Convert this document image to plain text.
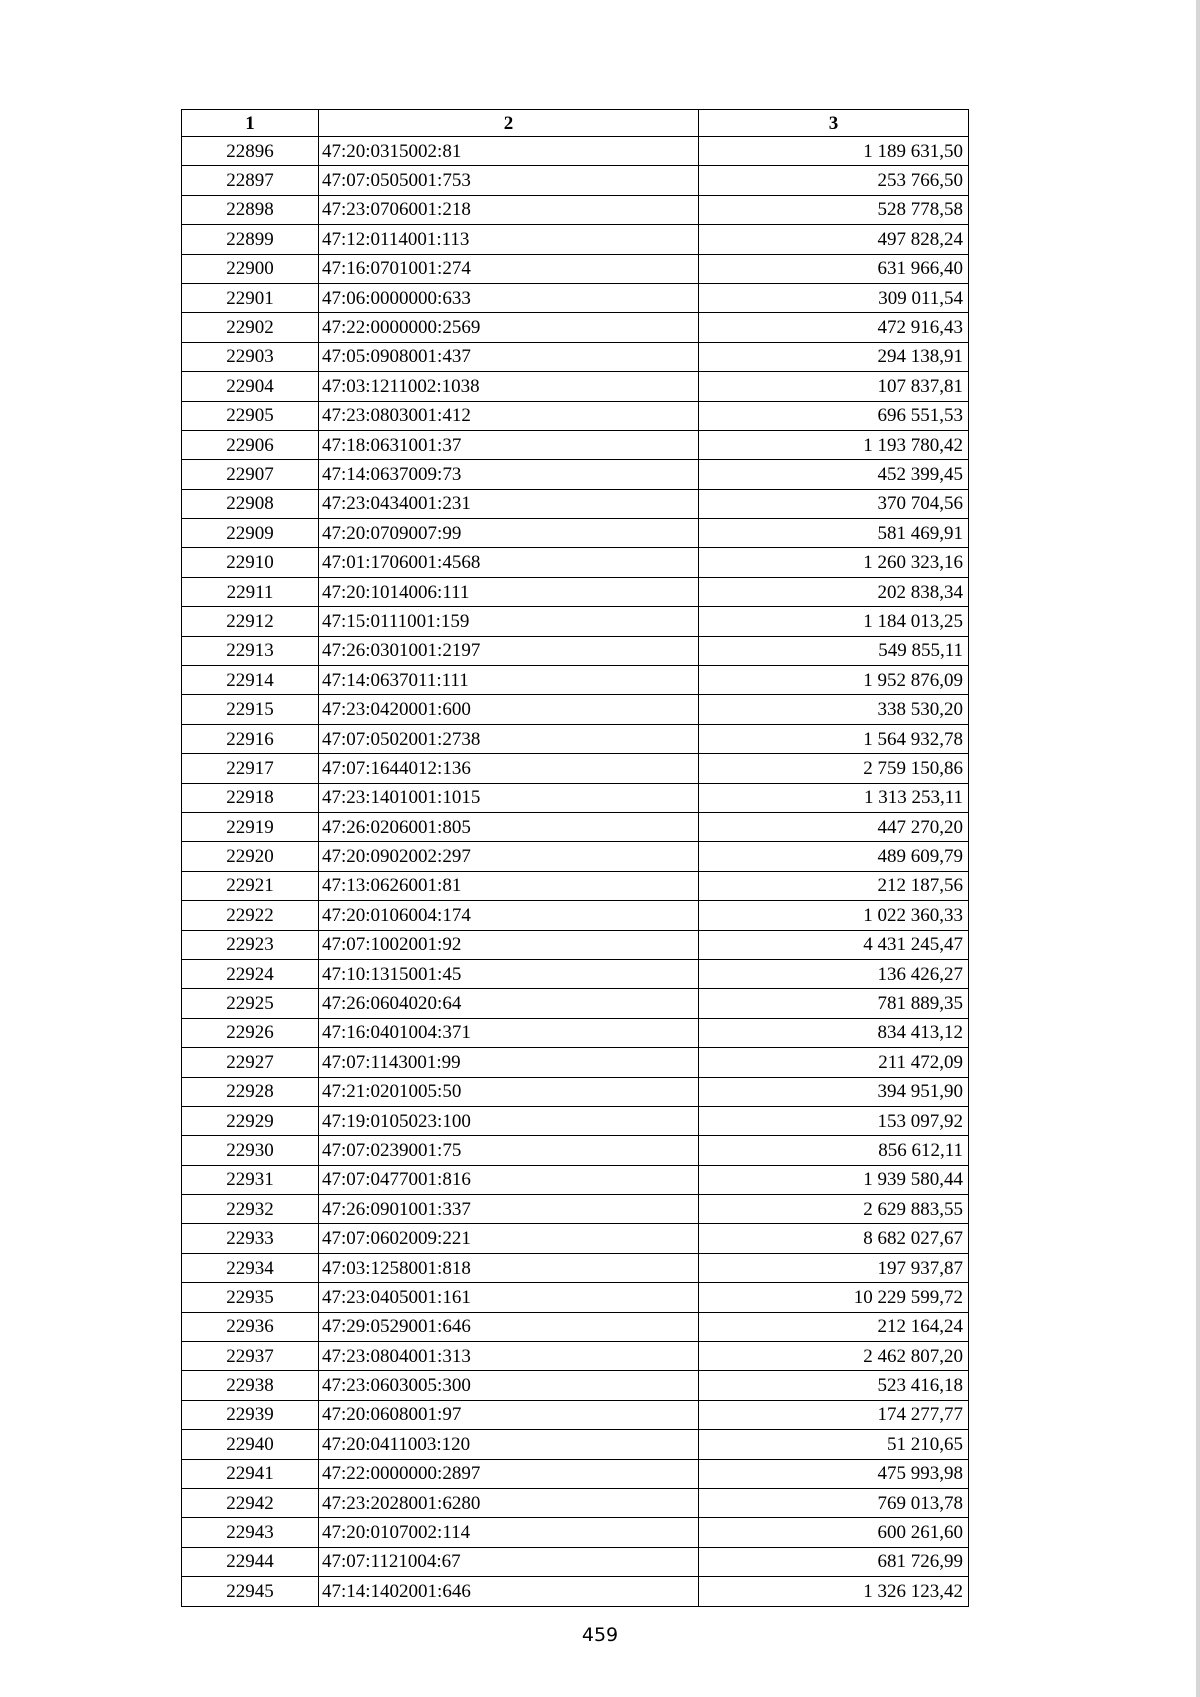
1	2	3
22896	47:20:0315002:81	1 189 631,50
22897	47:07:0505001:753	253 766,50
22898	47:23:0706001:218	528 778,58
22899	47:12:0114001:113	497 828,24
22900	47:16:0701001:274	631 966,40
22901	47:06:0000000:633	309 011,54
22902	47:22:0000000:2569	472 916,43
22903	47:05:0908001:437	294 138,91
22904	47:03:1211002:1038	107 837,81
22905	47:23:0803001:412	696 551,53
22906	47:18:0631001:37	1 193 780,42
22907	47:14:0637009:73	452 399,45
22908	47:23:0434001:231	370 704,56
22909	47:20:0709007:99	581 469,91
22910	47:01:1706001:4568	1 260 323,16
22911	47:20:1014006:111	202 838,34
22912	47:15:0111001:159	1 184 013,25
22913	47:26:0301001:2197	549 855,11
22914	47:14:0637011:111	1 952 876,09
22915	47:23:0420001:600	338 530,20
22916	47:07:0502001:2738	1 564 932,78
22917	47:07:1644012:136	2 759 150,86
22918	47:23:1401001:1015	1 313 253,11
22919	47:26:0206001:805	447 270,20
22920	47:20:0902002:297	489 609,79
22921	47:13:0626001:81	212 187,56
22922	47:20:0106004:174	1 022 360,33
22923	47:07:1002001:92	4 431 245,47
22924	47:10:1315001:45	136 426,27
22925	47:26:0604020:64	781 889,35
22926	47:16:0401004:371	834 413,12
22927	47:07:1143001:99	211 472,09
22928	47:21:0201005:50	394 951,90
22929	47:19:0105023:100	153 097,92
22930	47:07:0239001:75	856 612,11
22931	47:07:0477001:816	1 939 580,44
22932	47:26:0901001:337	2 629 883,55
22933	47:07:0602009:221	8 682 027,67
22934	47:03:1258001:818	197 937,87
22935	47:23:0405001:161	10 229 599,72
22936	47:29:0529001:646	212 164,24
22937	47:23:0804001:313	2 462 807,20
22938	47:23:0603005:300	523 416,18
22939	47:20:0608001:97	174 277,77
22940	47:20:0411003:120	51 210,65
22941	47:22:0000000:2897	475 993,98
22942	47:23:2028001:6280	769 013,78
22943	47:20:0107002:114	600 261,60
22944	47:07:1121004:67	681 726,99
22945	47:14:1402001:646	1 326 123,42
459
